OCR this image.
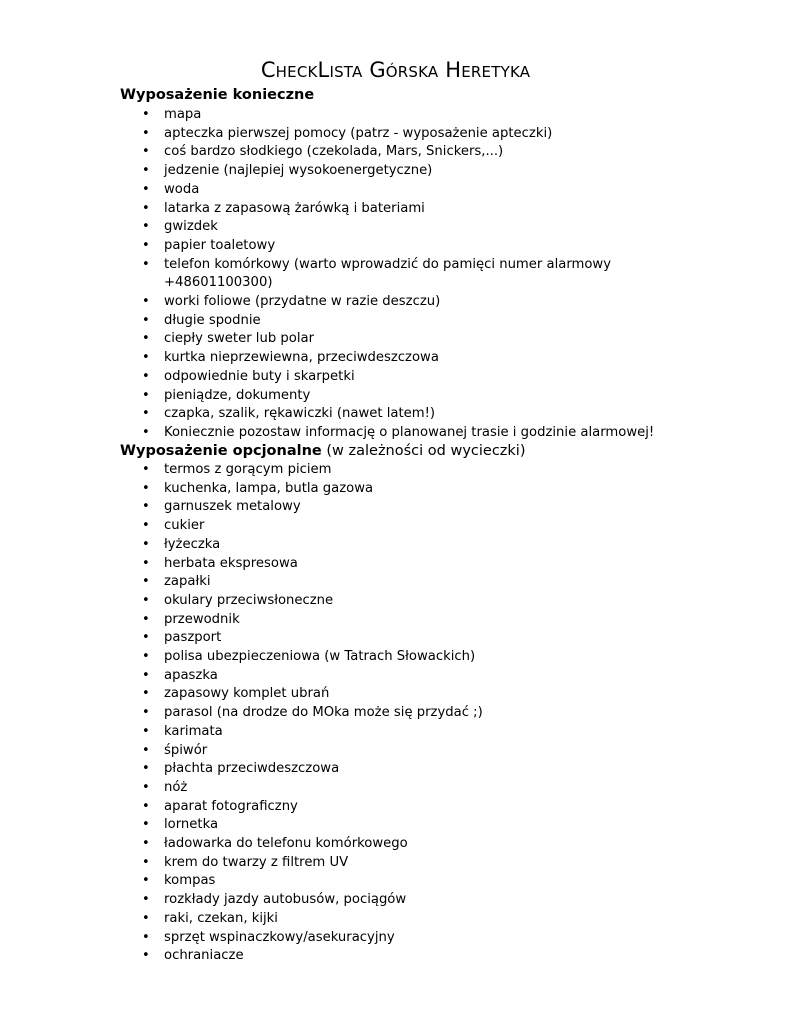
CheckLista Górska Heretyka
Wyposażenie konieczne
• mapa
• apteczka pierwszej pomocy (patrz - wyposażenie apteczki)
• coś bardzo słodkiego (czekolada, Mars, Snickers,...)
• jedzenie (najlepiej wysokoenergetyczne)
• woda
• latarka z zapasową żarówką i bateriami
• gwizdek
• papier toaletowy
• telefon komórkowy (warto wprowadzić do pamięci numer alarmowy
+48601100300)
• worki foliowe (przydatne w razie deszczu)
• długie spodnie
• ciepły sweter lub polar
• kurtka nieprzewiewna, przeciwdeszczowa
• odpowiednie buty i skarpetki
• pieniądze, dokumenty
• czapka, szalik, rękawiczki (nawet latem!)
• Koniecznie pozostaw informację o planowanej trasie i godzinie alarmowej!
Wyposażenie opcjonalne (w zależności od wycieczki)
• termos z gorącym piciem
• kuchenka, lampa, butla gazowa
• garnuszek metalowy
• cukier
• łyżeczka
• herbata ekspresowa
• zapałki
• okulary przeciwsłoneczne
• przewodnik
• paszport
• polisa ubezpieczeniowa (w Tatrach Słowackich)
• apaszka
• zapasowy komplet ubrań
• parasol (na drodze do MOka może się przydać ;)
• karimata
• śpiwór
• płachta przeciwdeszczowa
• nóż
• aparat fotograficzny
• lornetka
• ładowarka do telefonu komórkowego
• krem do twarzy z filtrem UV
• kompas
• rozkłady jazdy autobusów, pociągów
• raki, czekan, kijki
• sprzęt wspinaczkowy/asekuracyjny
• ochraniacze
